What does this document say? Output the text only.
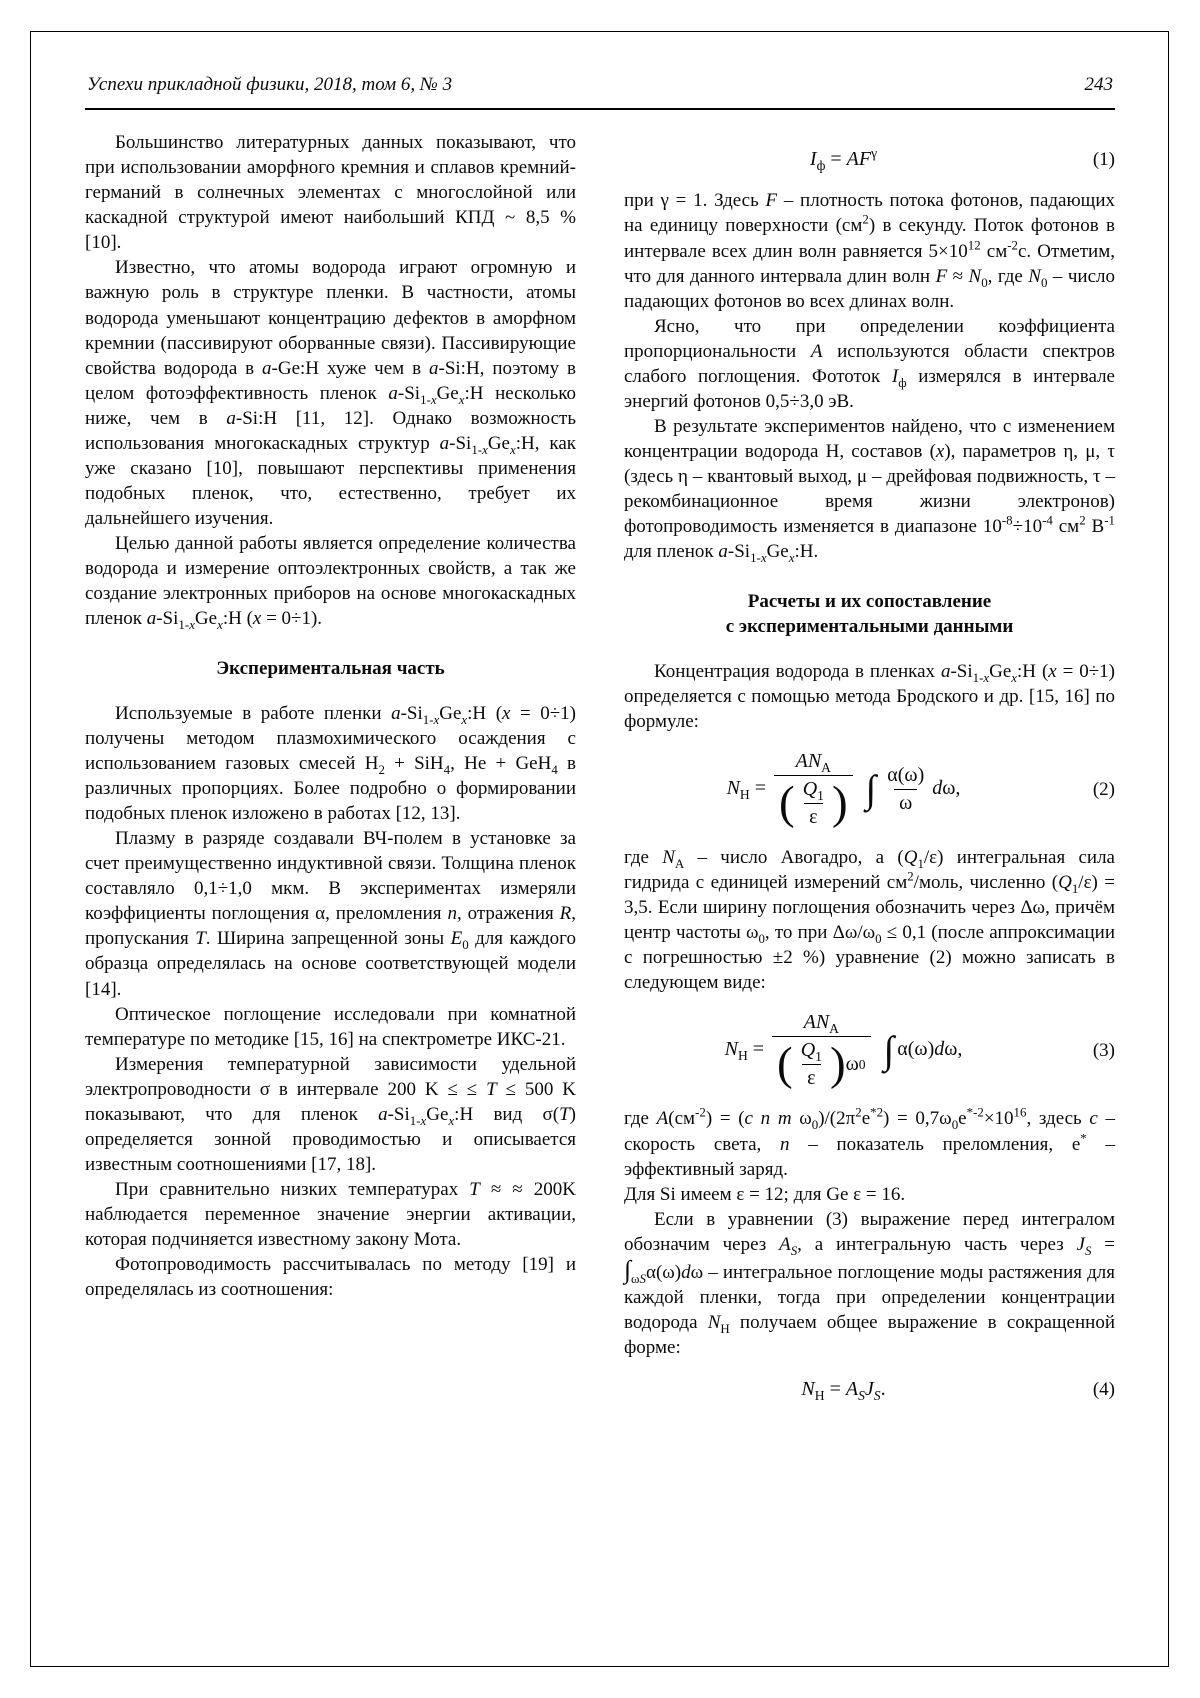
Успехи прикладной физики, 2018, том 6, № 3	243

Большинство литературных данных показывают, что при использовании аморфного кремния и сплавов кремний-германий в солнечных элементах с многослойной или каскадной структурой имеют наибольший КПД ~ 8,5 % [10].

Известно, что атомы водорода играют огромную и важную роль в структуре пленки. В частности, атомы водорода уменьшают концентрацию дефектов в аморфном кремнии (пассивируют оборванные связи). Пассивирующие свойства водорода в a-Ge:H хуже чем в a-Si:H, поэтому в целом фотоэффективность пленок $a-Si_{1-x}Ge_x:H$ несколько ниже, чем в a-Si:H [11, 12]. Однако возможность использования многокаскадных структур $a-Si_{1-x}Ge_x:H$, как уже сказано [10], повышают перспективы применения подобных пленок, что, естественно, требует их дальнейшего изучения.

Целью данной работы является определение количества водорода и измерение оптоэлектронных свойств, а так же создание электронных приборов на основе многокаскадных пленок $a-Si_{1-x}Ge_x:H$ (x = 0÷1).

Экспериментальная часть

Используемые в работе пленки $a-Si_{1-x}Ge_x:H$ (x = 0÷1) получены методом плазмохимического осаждения с использованием газовых смесей $H_2 + SiH_4$, He + GeH$_4$ в различных пропорциях. Более подробно о формировании подобных пленок изложено в работах [12, 13].

Плазму в разряде создавали ВЧ-полем в установке за счет преимущественно индуктивной связи. Толщина пленок составляло 0,1÷1,0 мкм. В экспериментах измеряли коэффициенты поглощения α, преломления n, отражения R, пропускания T. Ширина запрещенной зоны $E_0$ для каждого образца определялась на основе соответствующей модели [14].

Оптическое поглощение исследовали при комнатной температуре по методике [15, 16] на спектрометре ИКС-21.

Измерения температурной зависимости удельной электропроводности σ в интервале 200 K ≤ ≤ T ≤ 500 K показывают, что для пленок $a-Si_{1-x}Ge_x:H$ вид σ(T) определяется зонной проводимостью и описывается известным соотношениями [17, 18].

При сравнительно низких температурах T ≈ ≈ 200K наблюдается переменное значение энергии активации, которая подчиняется известному закону Мота.

Фотопроводимость рассчитывалась по методу [19] и определялась из соотношения:

$I_ф = AF^\gamma$	(1)

при γ = 1. Здесь F – плотность потока фотонов, падающих на единицу поверхности $(см^2)$ в секунду. Поток фотонов в интервале всех длин волн равняется $5\times 10^{12}$ $см^{-2}с$. Отметим, что для данного интервала длин волн $F \approx N_0$, где $N_0$ – число падающих фотонов во всех длинах волн.

Ясно, что при определении коэффициента пропорциональности A используются области спектров слабого поглощения. Фототок $I_ф$ измерялся в интервале энергий фотонов 0,5÷3,0 эВ.

В результате экспериментов найдено, что с изменением концентрации водорода H, составов (x), параметров η, μ, τ (здесь η – квантовый выход, μ – дрейфовая подвижность, τ – рекомбинационное время жизни электронов) фотопроводимость изменяется в диапазоне $10^{-8}\div 10^{-4}$ $см^2$ $В^{-1}$ для пленок $a-Si_{1-x}Ge_x:H$.

Расчеты и их сопоставление
с экспериментальными данными

Концентрация водорода в пленках $a-Si_{1-x}Ge_x:H$ (x = 0÷1) определяется с помощью метода Бродского и др. [15, 16] по формуле:

$N_H = \frac{AN_A}{( \frac{Q_1}{\varepsilon} )}$ ∫ $\frac{\alpha(\omega)}{\omega} d\omega$,	(2)

где $N_A$ – число Авогадро, а $(Q_1/\varepsilon)$ интегральная сила гидрида с единицей измерений $см^2$/моль, численно $(Q_1/\varepsilon) = 3,5$. Если ширину поглощения обозначить через Δω, причём центр частоты $\omega_0$, то при $\Delta\omega/\omega_0 \le 0,1$ (после аппроксимации с погрешностью ±2 %) уравнение (2) можно записать в следующем виде:

$N_H = \frac{AN_A}{( \frac{Q_1}{\varepsilon} ) \omega 0}$ ∫ α(ω)dω,	(3)

где $A(см^{-2}) = (c$ n m $\omega_0)/(2\pi^2e^{*2}) = 0,7\omega_0e^{*-2}\times 10^{16}$, здесь c – скорость света, n – показатель преломления, e* – эффективный заряд.

Для Si имеем ε = 12; для Ge ε = 16.

Если в уравнении (3) выражение перед интегралом обозначим через $A_S$, а интегральную часть через $J_S = \int_{\omega S}\alpha(\omega)d\omega$ – интегральное поглощение моды растяжения для каждой пленки, тогда при определении концентрации водорода $N_H$ получаем общее выражение в сокращенной форме:

$N_H = A_SJ_S$.	(4)
